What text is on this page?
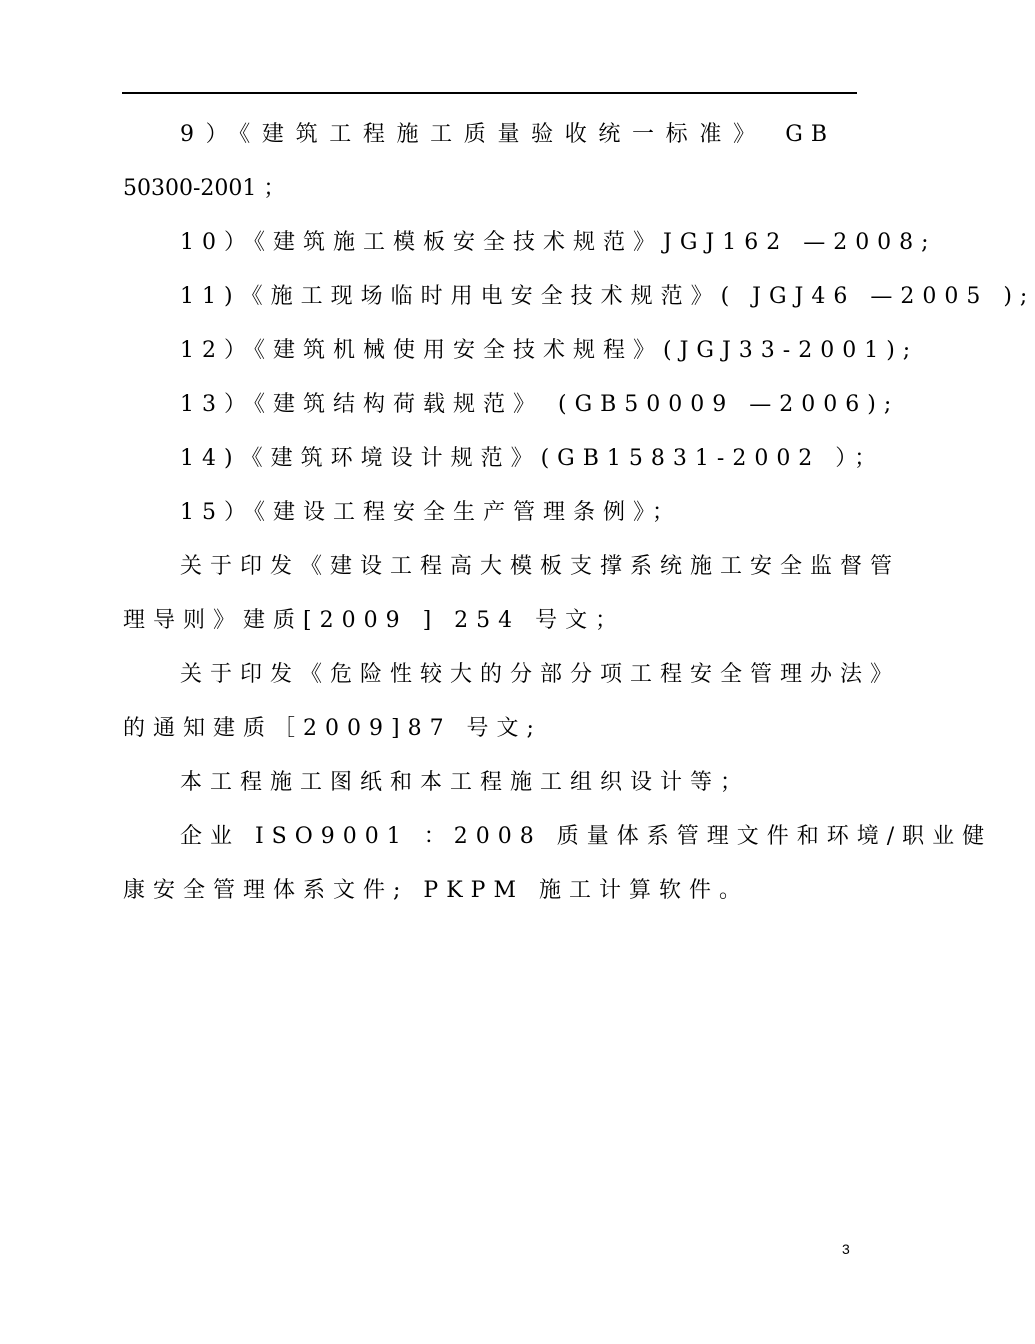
9）《建筑工程施工质量验收统一标准》 GB
50300-2001 ；
10）《建筑施工模板安全技术规范》JGJ162 —2008;
11)《施工现场临时用电安全技术规范》( JGJ46 —2005 );
12）《建筑机械使用安全技术规程》(JGJ33-2001);
13）《建筑结构荷载规范》 (GB50009 —2006);
14)《建筑环境设计规范》(GB15831-2002 ）；
15）《建设工程安全生产管理条例》；
关于印发《建设工程高大模板支撑系统施工安全监督管
理导则》建质[2009 ] 254 号文；
关于印发《危险性较大的分部分项工程安全管理办法》
的通知建质［2009]87 号文;
本工程施工图纸和本工程施工组织设计等；
企业 ISO9001 ：2008 质量体系管理文件和环境/职业健
康安全管理体系文件; PKPM 施工计算软件。
3
